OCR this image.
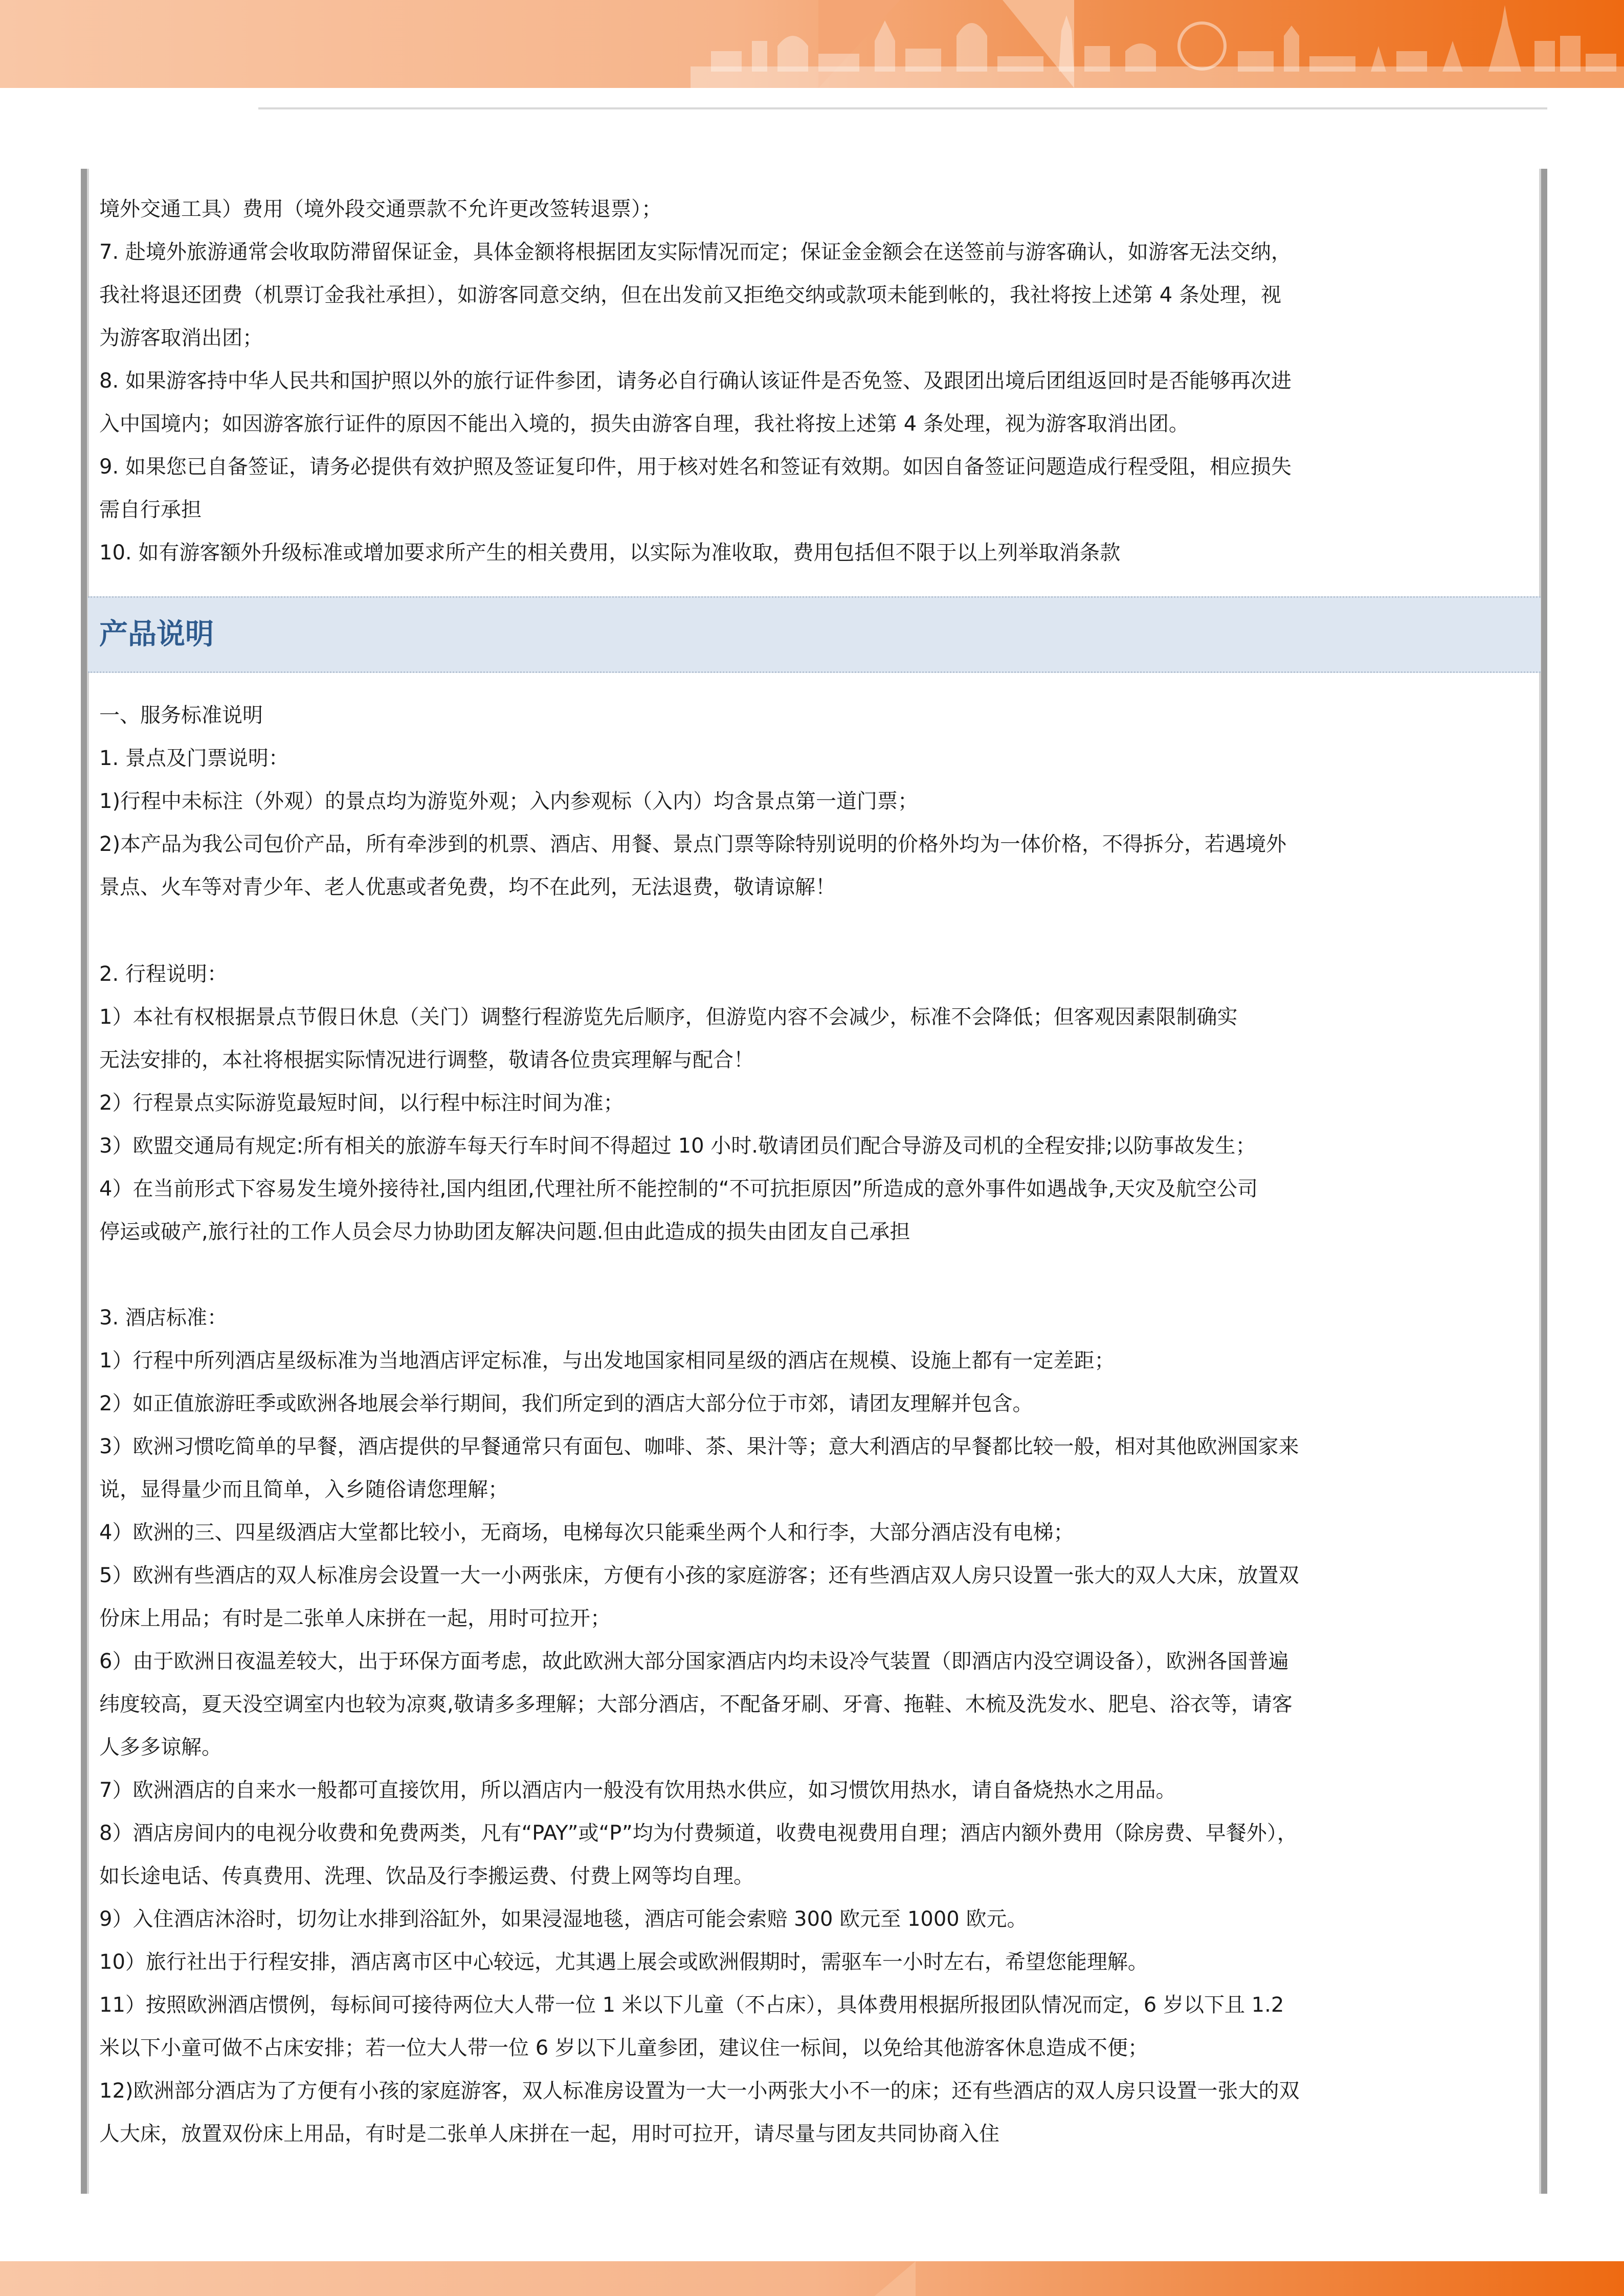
境外交通工具）费用（境外段交通票款不允许更改签转退票）；
7. 赴境外旅游通常会收取防滞留保证金，具体金额将根据团友实际情况而定；保证金金额会在送签前与游客确认，如游客无法交纳，
我社将退还团费（机票订金我社承担），如游客同意交纳，但在出发前又拒绝交纳或款项未能到帐的，我社将按上述第 4 条处理，视
为游客取消出团；
8. 如果游客持中华人民共和国护照以外的旅行证件参团，请务必自行确认该证件是否免签、及跟团出境后团组返回时是否能够再次进
入中国境内；如因游客旅行证件的原因不能出入境的，损失由游客自理，我社将按上述第 4 条处理，视为游客取消出团。
9. 如果您已自备签证，请务必提供有效护照及签证复印件，用于核对姓名和签证有效期。如因自备签证问题造成行程受阻，相应损失
需自行承担
10. 如有游客额外升级标准或增加要求所产生的相关费用，以实际为准收取，费用包括但不限于以上列举取消条款
产品说明
一、服务标准说明
1. 景点及门票说明：
1)行程中未标注（外观）的景点均为游览外观；入内参观标（入内）均含景点第一道门票；
2)本产品为我公司包价产品，所有牵涉到的机票、酒店、用餐、景点门票等除特别说明的价格外均为一体价格，不得拆分，若遇境外
景点、火车等对青少年、老人优惠或者免费，均不在此列，无法退费，敬请谅解！
2. 行程说明：
1）本社有权根据景点节假日休息（关门）调整行程游览先后顺序，但游览内容不会减少，标准不会降低；但客观因素限制确实
无法安排的，本社将根据实际情况进行调整，敬请各位贵宾理解与配合！
2）行程景点实际游览最短时间，以行程中标注时间为准；
3）欧盟交通局有规定:所有相关的旅游车每天行车时间不得超过 10 小时.敬请团员们配合导游及司机的全程安排;以防事故发生；
4）在当前形式下容易发生境外接待社,国内组团,代理社所不能控制的“不可抗拒原因”所造成的意外事件如遇战争,天灾及航空公司
停运或破产,旅行社的工作人员会尽力协助团友解决问题.但由此造成的损失由团友自己承担
3. 酒店标准：
1）行程中所列酒店星级标准为当地酒店评定标准，与出发地国家相同星级的酒店在规模、设施上都有一定差距；
2）如正值旅游旺季或欧洲各地展会举行期间，我们所定到的酒店大部分位于市郊，请团友理解并包含。
3）欧洲习惯吃简单的早餐，酒店提供的早餐通常只有面包、咖啡、茶、果汁等；意大利酒店的早餐都比较一般，相对其他欧洲国家来
说，显得量少而且简单，入乡随俗请您理解；
4）欧洲的三、四星级酒店大堂都比较小，无商场，电梯每次只能乘坐两个人和行李，大部分酒店没有电梯；
5）欧洲有些酒店的双人标准房会设置一大一小两张床，方便有小孩的家庭游客；还有些酒店双人房只设置一张大的双人大床，放置双
份床上用品；有时是二张单人床拼在一起，用时可拉开；
6）由于欧洲日夜温差较大，出于环保方面考虑，故此欧洲大部分国家酒店内均未设冷气装置（即酒店内没空调设备），欧洲各国普遍
纬度较高，夏天没空调室内也较为凉爽,敬请多多理解；大部分酒店，不配备牙刷、牙膏、拖鞋、木梳及洗发水、肥皂、浴衣等，请客
人多多谅解。
7）欧洲酒店的自来水一般都可直接饮用，所以酒店内一般没有饮用热水供应，如习惯饮用热水，请自备烧热水之用品。
8）酒店房间内的电视分收费和免费两类，凡有“PAY”或“P”均为付费频道，收费电视费用自理；酒店内额外费用（除房费、早餐外），
如长途电话、传真费用、洗理、饮品及行李搬运费、付费上网等均自理。
9）入住酒店沐浴时，切勿让水排到浴缸外，如果浸湿地毯，酒店可能会索赔 300 欧元至 1000 欧元。
10）旅行社出于行程安排，酒店离市区中心较远，尤其遇上展会或欧洲假期时，需驱车一小时左右，希望您能理解。
11）按照欧洲酒店惯例，每标间可接待两位大人带一位 1 米以下儿童（不占床），具体费用根据所报团队情况而定，6 岁以下且 1.2
米以下小童可做不占床安排；若一位大人带一位 6 岁以下儿童参团，建议住一标间，以免给其他游客休息造成不便；
12)欧洲部分酒店为了方便有小孩的家庭游客，双人标准房设置为一大一小两张大小不一的床；还有些酒店的双人房只设置一张大的双
人大床，放置双份床上用品，有时是二张单人床拼在一起，用时可拉开，请尽量与团友共同协商入住
